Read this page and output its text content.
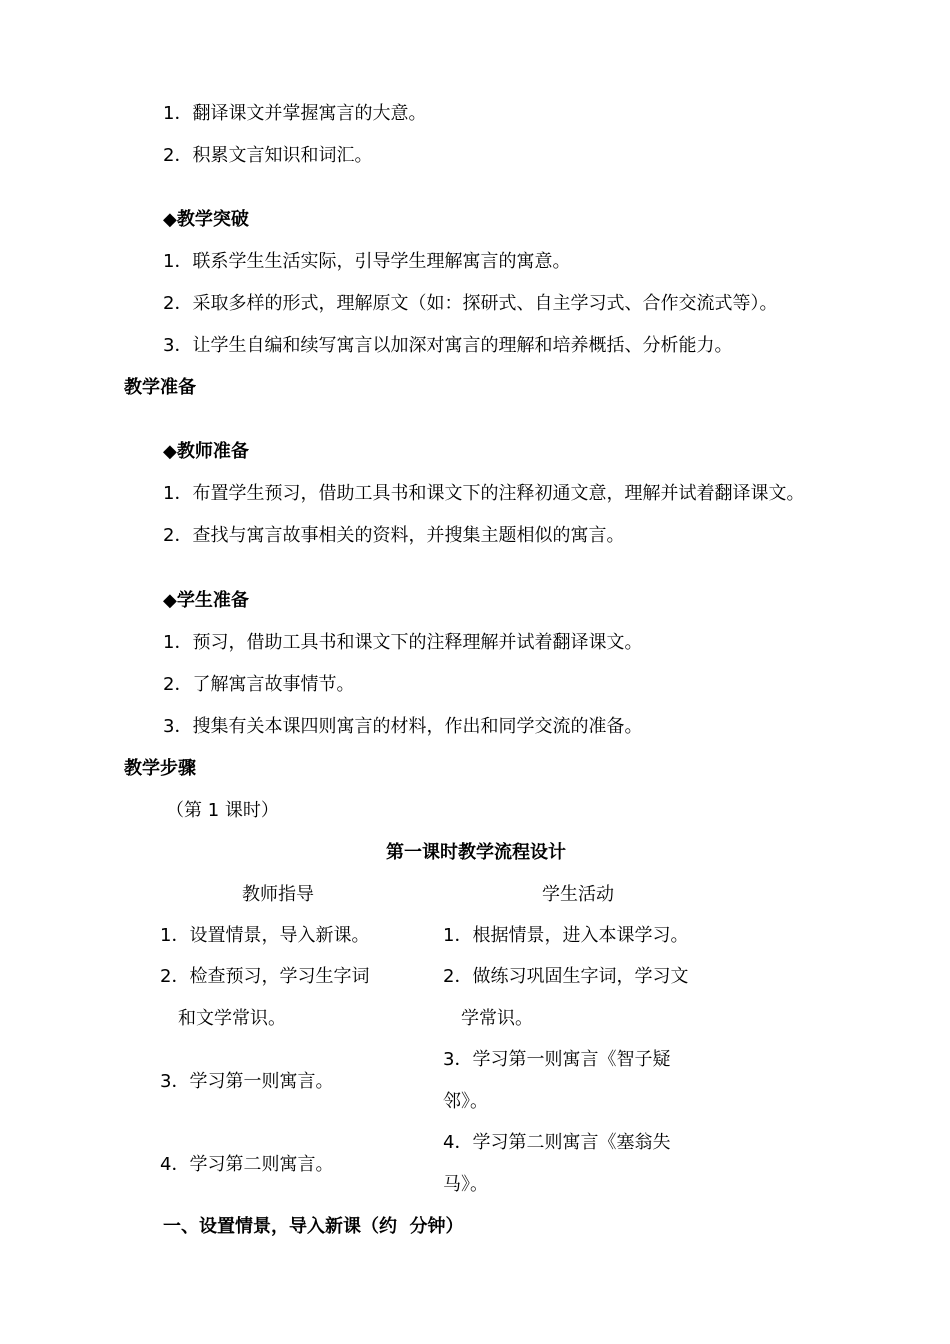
1．翻译课文并掌握寓言的大意。
2．积累文言知识和词汇。
◆教学突破
1．联系学生生活实际，引导学生理解寓言的寓意。
2．采取多样的形式，理解原文（如：探研式、自主学习式、合作交流式等）。
3．让学生自编和续写寓言以加深对寓言的理解和培养概括、分析能力。
教学准备
◆教师准备
1．布置学生预习，借助工具书和课文下的注释初通文意，理解并试着翻译课文。
2．查找与寓言故事相关的资料，并搜集主题相似的寓言。
◆学生准备
1．预习，借助工具书和课文下的注释理解并试着翻译课文。
2．了解寓言故事情节。
3．搜集有关本课四则寓言的材料，作出和同学交流的准备。
教学步骤
（第 1 课时）
第一课时教学流程设计
教师指导	学生活动
1．设置情景，导入新课。
2．检查预习，学习生字词
和文学常识。
3．学习第一则寓言。
4．学习第二则寓言。
1．根据情景，进入本课学习。
2．做练习巩固生字词，学习文
学常识。
3．学习第一则寓言《智子疑
邻》。
4．学习第二则寓言《塞翁失
马》。
一、设置情景，导入新课（约  分钟）
